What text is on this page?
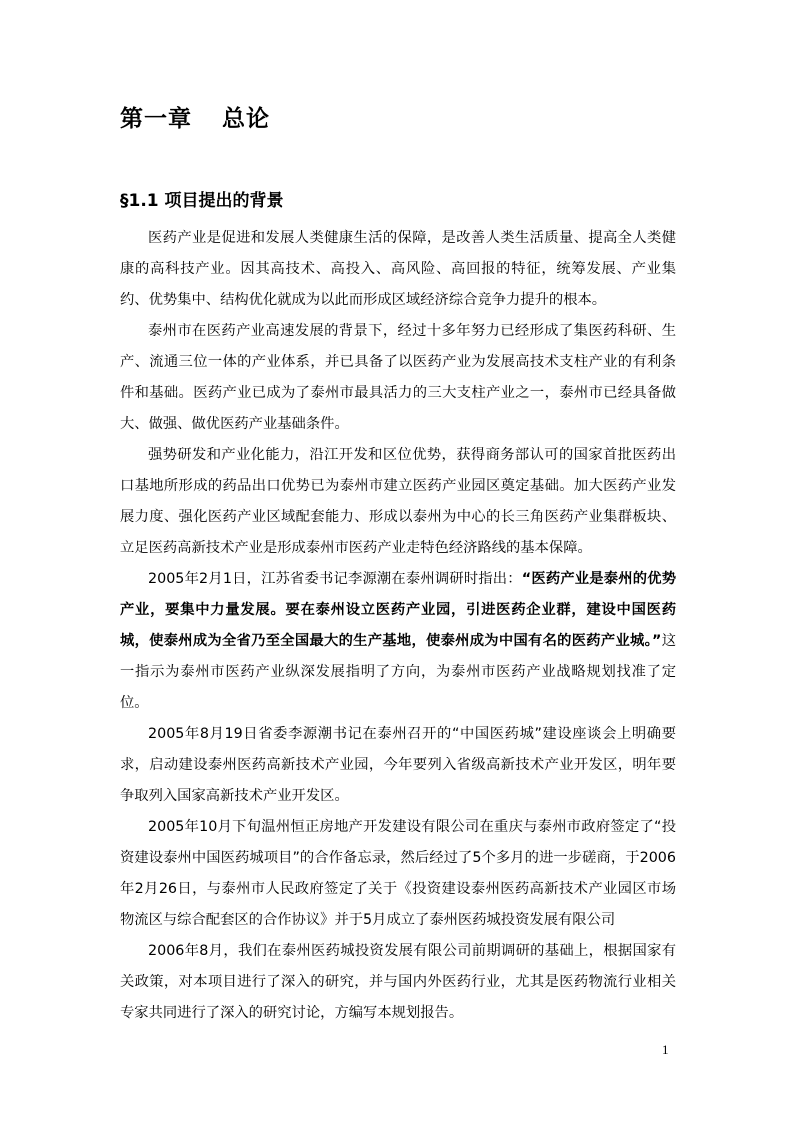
第一章 总论
§1.1 项目提出的背景

医药产业是促进和发展人类健康生活的保障，是改善人类生活质量、提高全人类健康的高科技产业。因其高技术、高投入、高风险、高回报的特征，统筹发展、产业集约、优势集中、结构优化就成为以此而形成区域经济综合竞争力提升的根本。

泰州市在医药产业高速发展的背景下，经过十多年努力已经形成了集医药科研、生产、流通三位一体的产业体系，并已具备了以医药产业为发展高技术支柱产业的有利条件和基础。医药产业已成为了泰州市最具活力的三大支柱产业之一，泰州市已经具备做大、做强、做优医药产业基础条件。

强势研发和产业化能力，沿江开发和区位优势，获得商务部认可的国家首批医药出口基地所形成的药品出口优势已为泰州市建立医药产业园区奠定基础。加大医药产业发展力度、强化医药产业区域配套能力、形成以泰州为中心的长三角医药产业集群板块、立足医药高新技术产业是形成泰州市医药产业走特色经济路线的基本保障。

2005年2月1日，江苏省委书记李源潮在泰州调研时指出：“医药产业是泰州的优势产业，要集中力量发展。要在泰州设立医药产业园，引进医药企业群，建设中国医药城，使泰州成为全省乃至全国最大的生产基地，使泰州成为中国有名的医药产业城。”这一指示为泰州市医药产业纵深发展指明了方向，为泰州市医药产业战略规划找准了定位。

2005年8月19日省委李源潮书记在泰州召开的“中国医药城”建设座谈会上明确要求，启动建设泰州医药高新技术产业园，今年要列入省级高新技术产业开发区，明年要争取列入国家高新技术产业开发区。

2005年10月下旬温州恒正房地产开发建设有限公司在重庆与泰州市政府签定了“投资建设泰州中国医药城项目”的合作备忘录，然后经过了5个多月的进一步磋商，于2006年2月26日，与泰州市人民政府签定了关于《投资建设泰州医药高新技术产业园区市场物流区与综合配套区的合作协议》并于5月成立了泰州医药城投资发展有限公司

2006年8月，我们在泰州医药城投资发展有限公司前期调研的基础上，根据国家有关政策，对本项目进行了深入的研究，并与国内外医药行业，尤其是医药物流行业相关专家共同进行了深入的研究讨论，方编写本规划报告。

1
